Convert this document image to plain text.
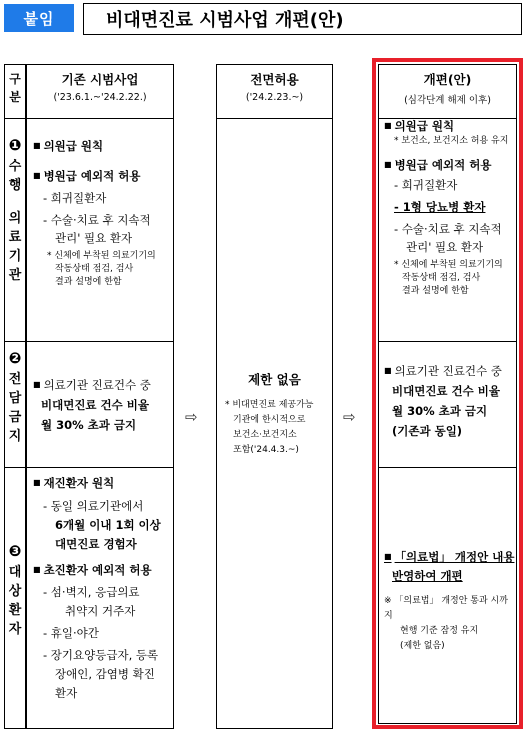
붙임	비대면진료 시범사업 개편(안)
구
분
❶
수
행
의
료
기
관
❷
전
담
금
지
❸
대
상
환
자
기존 시범사업
('23.6.1.~'24.2.22.)
■ 의원급 원칙
■ 병원급 예외적 허용
- 희귀질환자
- 수술·치료 후 지속적
관리' 필요 환자
* 신체에 부착된 의료기기의
작동상태 점검, 검사
결과 설명에 한함
■ 의료기관 진료건수 중
비대면진료 건수 비율
월 30% 초과 금지
■ 재진환자 원칙
- 동일 의료기관에서
6개월 이내 1회 이상
대면진료 경험자
■ 초진환자 예외적 허용
- 섬·벽지, 응급의료
취약지 거주자
- 휴일·야간
- 장기요양등급자, 등록
장애인, 감염병 확진
환자
⇨	⇨
전면허용
('24.2.23.~)
제한 없음
* 비대면진료 제공가능
기관에 한시적으로
보건소·보건지소
포함('24.4.3.~)
개편(안)
(심각단계 해제 이후)
■ 의원급 원칙
* 보건소, 보건지소 허용 유지
■ 병원급 예외적 허용
- 희귀질환자
- 1형 당뇨병 환자
- 수술·치료 후 지속적
관리' 필요 환자
* 신체에 부착된 의료기기의
작동상태 점검, 검사
결과 설명에 한함
■ 의료기관 진료건수 중
비대면진료 건수 비율
월 30% 초과 금지
(기존과 동일)
■ 「의료법」 개정안 내용
반영하여 개편
※ 「의료법」 개정안 통과 시까지
현행 기준 잠정 유지
(제한 없음)
